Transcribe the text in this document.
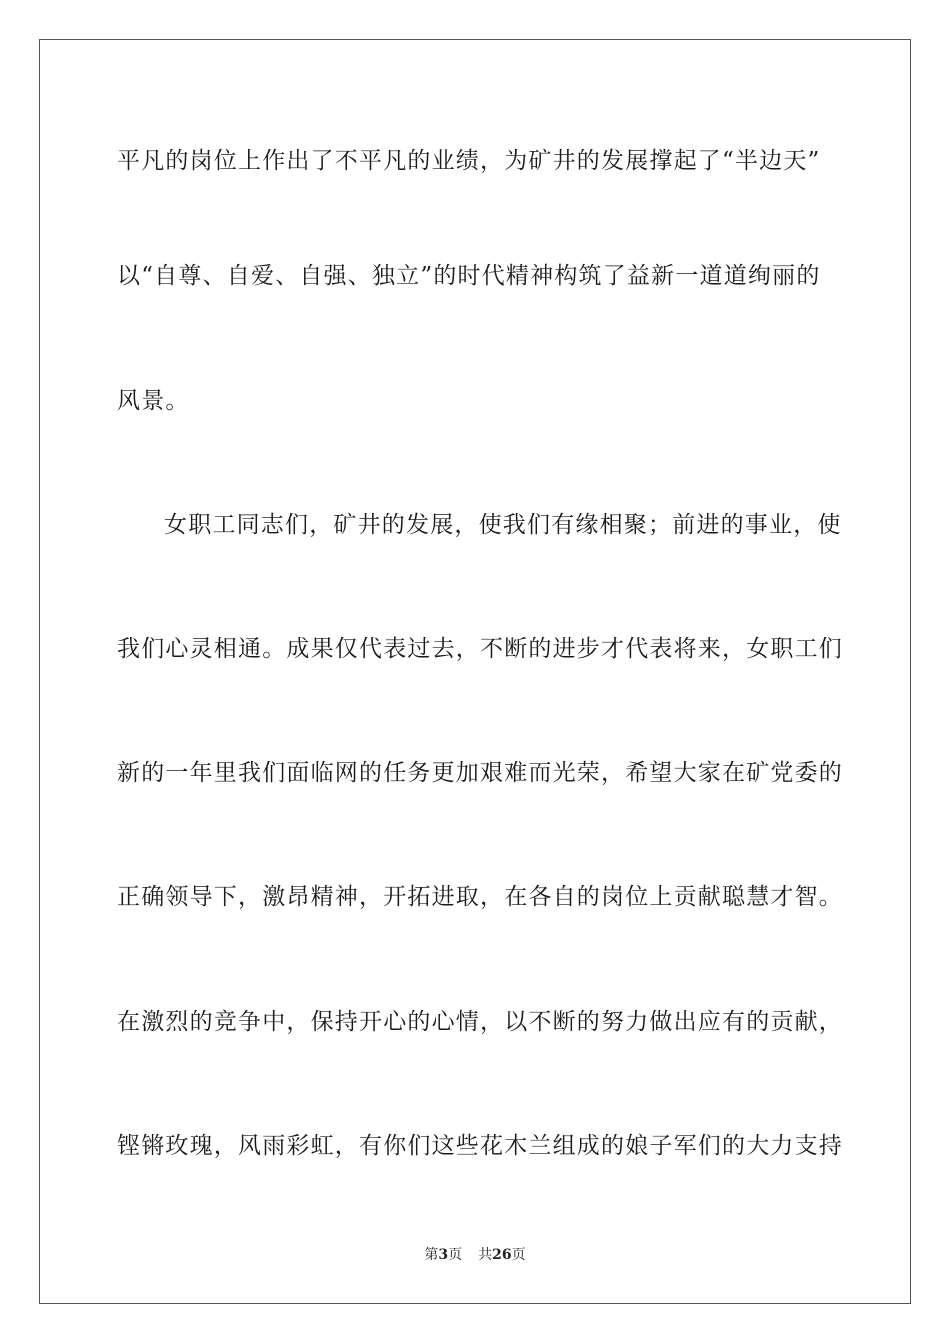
平凡的岗位上作出了不平凡的业绩，为矿井的发展撑起了“半边天”
以“自尊、自爱、自强、独立”的时代精神构筑了益新一道道绚丽的
风景。
女职工同志们，矿井的发展，使我们有缘相聚；前进的事业，使
我们心灵相通。成果仅代表过去，不断的进步才代表将来，女职工们
新的一年里我们面临网的任务更加艰难而光荣，希望大家在矿党委的
正确领导下，激昂精神，开拓进取，在各自的岗位上贡献聪慧才智。
在激烈的竞争中，保持开心的心情，以不断的努力做出应有的贡献，
铿锵玫瑰，风雨彩虹，有你们这些花木兰组成的娘子军们的大力支持
第3页 共26页
